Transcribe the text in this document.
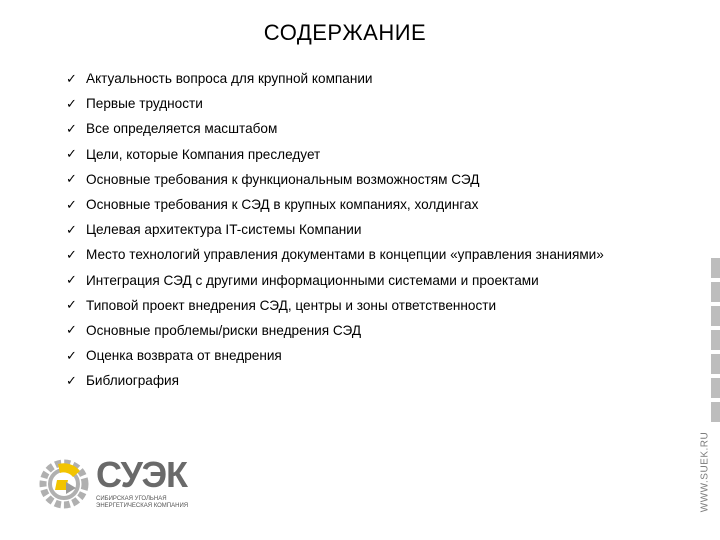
СОДЕРЖАНИЕ
✓ Актуальность вопроса для крупной компании
✓ Первые трудности
✓ Все определяется масштабом
✓ Цели, которые Компания преследует
✓ Основные требования к функциональным возможностям СЭД
✓ Основные требования к СЭД в крупных компаниях, холдингах
✓ Целевая архитектура IT-системы Компании
✓ Место технологий управления документами в концепции «управления знаниями»
✓ Интеграция СЭД с другими информационными системами и проектами
✓ Типовой проект внедрения СЭД, центры и зоны ответственности
✓ Основные проблемы/риски внедрения СЭД
✓ Оценка возврата от внедрения
✓ Библиография
СУЭК
СИБИРСКАЯ УГОЛЬНАЯ
ЭНЕРГЕТИЧЕСКАЯ КОМПАНИЯ	WWW.SUEK.RU
